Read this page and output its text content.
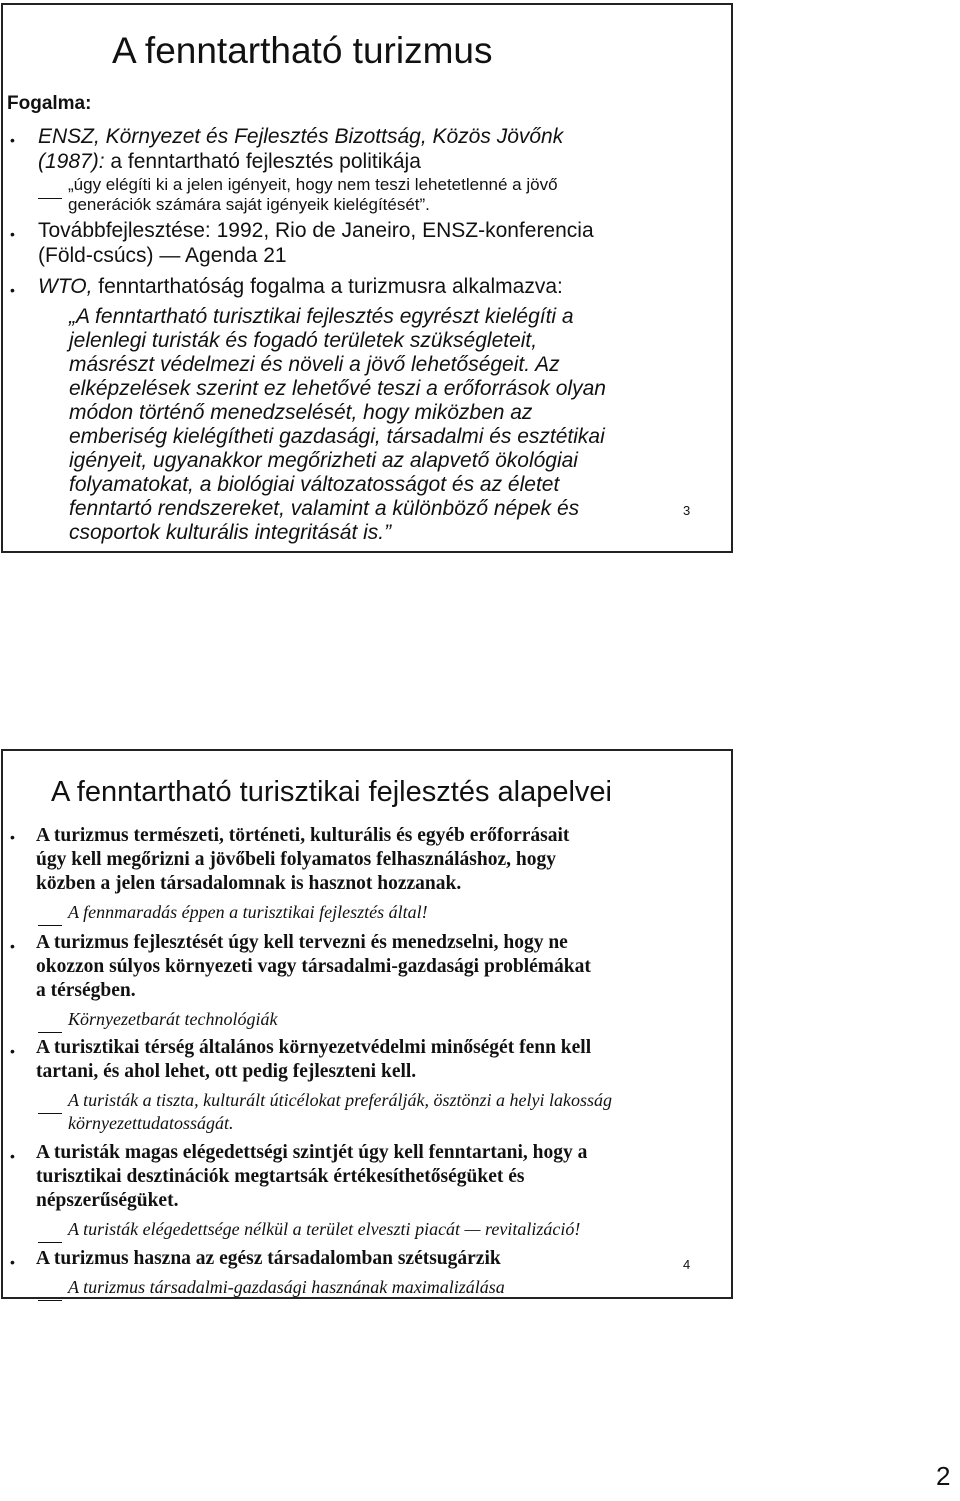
A fenntartható turizmus
Fogalma:
• ENSZ, Környezet és Fejlesztés Bizottság, Közös Jövőnk
(1987): a fenntartható fejlesztés politikája
„úgy elégíti ki a jelen igényeit, hogy nem teszi lehetetlenné a jövő
generációk számára saját igényeik kielégítését”.
• Továbbfejlesztése: 1992, Rio de Janeiro, ENSZ-konferencia
(Föld-csúcs) — Agenda 21
• WTO, fenntarthatóság fogalma a turizmusra alkalmazva:
„A fenntartható turisztikai fejlesztés egyrészt kielégíti a
jelenlegi turisták és fogadó területek szükségleteit,
másrészt védelmezi és növeli a jövő lehetőségeit. Az
elképzelések szerint ez lehetővé teszi a erőforrások olyan
módon történő menedzselését, hogy miközben az
emberiség kielégítheti gazdasági, társadalmi és esztétikai
igényeit, ugyanakkor megőrizheti az alapvető ökológiai
folyamatokat, a biológiai változatosságot és az életet
fenntartó rendszereket, valamint a különböző népek és
csoportok kulturális integritását is.”
3
A fenntartható turisztikai fejlesztés alapelvei
• A turizmus természeti, történeti, kulturális és egyéb erőforrásait
úgy kell megőrizni a jövőbeli folyamatos felhasználáshoz, hogy
közben a jelen társadalomnak is hasznot hozzanak.
A fennmaradás éppen a turisztikai fejlesztés által!
• A turizmus fejlesztését úgy kell tervezni és menedzselni, hogy ne
okozzon súlyos környezeti vagy társadalmi-gazdasági problémákat
a térségben.
Környezetbarát technológiák
• A turisztikai térség általános környezetvédelmi minőségét fenn kell
tartani, és ahol lehet, ott pedig fejleszteni kell.
A turisták a tiszta, kulturált úticélokat preferálják, ösztönzi a helyi lakosság
környezettudatosságát.
• A turisták magas elégedettségi szintjét úgy kell fenntartani, hogy a
turisztikai desztinációk megtartsák értékesíthetőségüket és
népszerűségüket.
A turisták elégedettsége nélkül a terület elveszti piacát — revitalizáció!
• A turizmus haszna az egész társadalomban szétsugárzik
A turizmus társadalmi-gazdasági hasznának maximalizálása
4
2
